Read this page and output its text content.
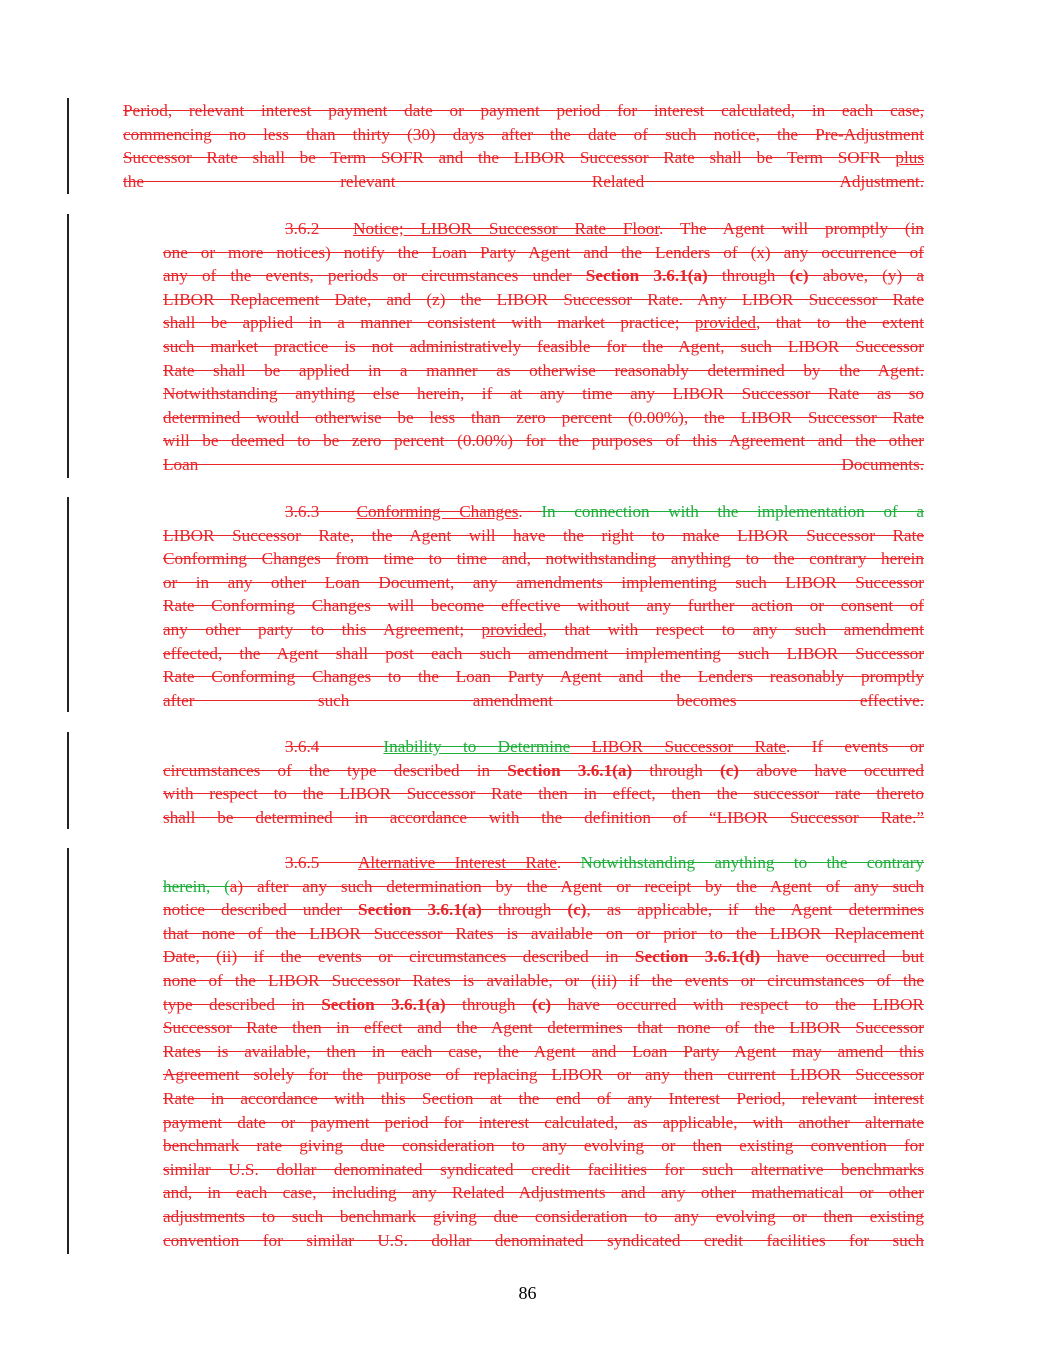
Period, relevant interest payment date or payment period for interest calculated, in each case,
commencing no less than thirty (30) days after the date of such notice, the Pre-Adjustment
Successor Rate shall be Term SOFR and the LIBOR Successor Rate shall be Term SOFR plus
the relevant Related Adjustment.

3.6.2 Notice; LIBOR Successor Rate Floor. The Agent will promptly (in
one or more notices) notify the Loan Party Agent and the Lenders of (x) any occurrence of
any of the events, periods or circumstances under Section 3.6.1(a) through (c) above, (y) a
LIBOR Replacement Date, and (z) the LIBOR Successor Rate. Any LIBOR Successor Rate
shall be applied in a manner consistent with market practice; provided, that to the extent
such market practice is not administratively feasible for the Agent, such LIBOR Successor
Rate shall be applied in a manner as otherwise reasonably determined by the Agent.
Notwithstanding anything else herein, if at any time any LIBOR Successor Rate as so
determined would otherwise be less than zero percent (0.00%), the LIBOR Successor Rate
will be deemed to be zero percent (0.00%) for the purposes of this Agreement and the other
Loan Documents.

3.6.3 Conforming Changes. In connection with the implementation of a
LIBOR Successor Rate, the Agent will have the right to make LIBOR Successor Rate
Conforming Changes from time to time and, notwithstanding anything to the contrary herein
or in any other Loan Document, any amendments implementing such LIBOR Successor
Rate Conforming Changes will become effective without any further action or consent of
any other party to this Agreement; provided, that with respect to any such amendment
effected, the Agent shall post each such amendment implementing such LIBOR Successor
Rate Conforming Changes to the Loan Party Agent and the Lenders reasonably promptly
after such amendment becomes effective.

3.6.4	Inability to Determine LIBOR Successor Rate. If events or
circumstances of the type described in Section 3.6.1(a) through (c) above have occurred
with respect to the LIBOR Successor Rate then in effect, then the successor rate thereto
shall be determined in accordance with the definition of “LIBOR Successor Rate.”

3.6.5 Alternative Interest Rate. Notwithstanding anything to the contrary
herein, (a) after any such determination by the Agent or receipt by the Agent of any such
notice described under Section 3.6.1(a) through (c), as applicable, if the Agent determines
that none of the LIBOR Successor Rates is available on or prior to the LIBOR Replacement
Date, (ii) if the events or circumstances described in Section 3.6.1(d) have occurred but
none of the LIBOR Successor Rates is available, or (iii) if the events or circumstances of the
type described in Section 3.6.1(a) through (c) have occurred with respect to the LIBOR
Successor Rate then in effect and the Agent determines that none of the LIBOR Successor
Rates is available, then in each case, the Agent and Loan Party Agent may amend this
Agreement solely for the purpose of replacing LIBOR or any then current LIBOR Successor
Rate in accordance with this Section at the end of any Interest Period, relevant interest
payment date or payment period for interest calculated, as applicable, with another alternate
benchmark rate giving due consideration to any evolving or then existing convention for
similar U.S. dollar denominated syndicated credit facilities for such alternative benchmarks
and, in each case, including any Related Adjustments and any other mathematical or other
adjustments to such benchmark giving due consideration to any evolving or then existing
convention for similar U.S. dollar denominated syndicated credit facilities for such

86
